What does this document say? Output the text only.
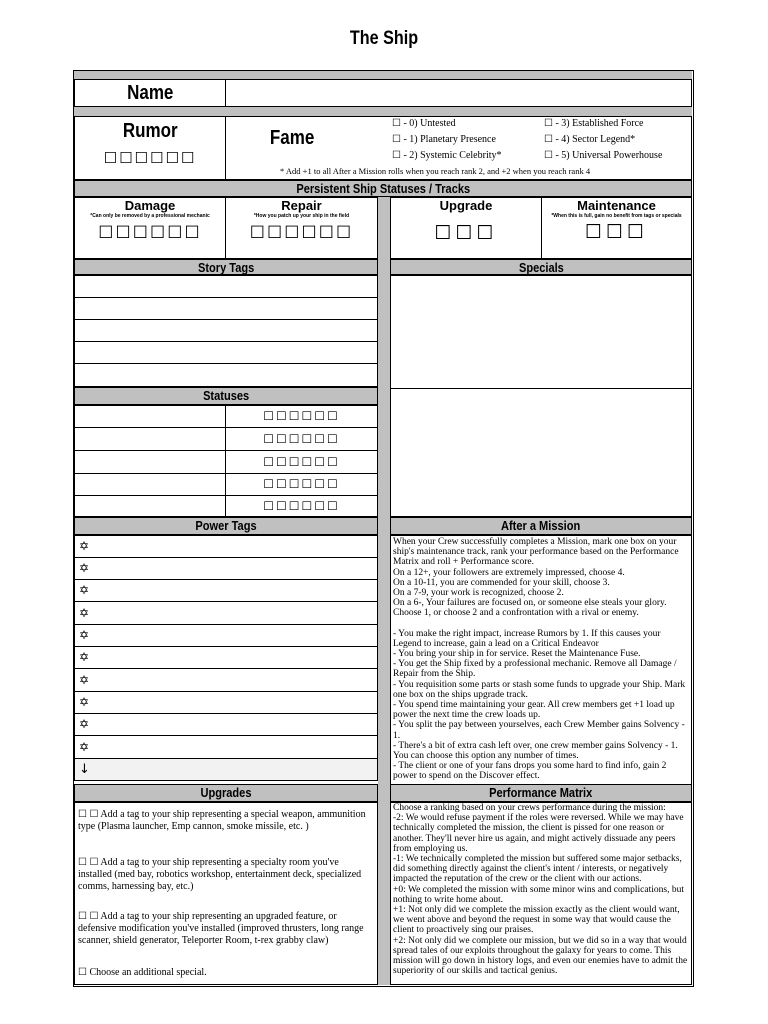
The Ship
Name
Rumor
☐☐☐☐☐☐
Fame
☐ - 0) Untested
☐ - 1) Planetary Presence
☐ - 2) Systemic Celebrity*
☐ - 3) Established Force
☐ - 4) Sector Legend*
☐ - 5) Universal Powerhouse
* Add +1 to all After a Mission rolls when you reach rank 2, and +2 when you reach rank 4
Persistent Ship Statuses / Tracks
Damage
*Can only be removed by a professional mechanic
☐☐☐☐☐☐
Repair
*How you patch up your ship in the field
☐☐☐☐☐☐
Upgrade
☐☐☐
Maintenance
*When this is full, gain no benefit from tags or specials
☐☐☐
Story Tags	Specials
Statuses
☐☐☐☐☐☐
☐☐☐☐☐☐
☐☐☐☐☐☐
☐☐☐☐☐☐
☐☐☐☐☐☐
Power Tags	After a Mission
✡
✡
✡
✡
✡
✡
✡
✡
✡
✡
↓
When your Crew successfully completes a Mission, mark one box on your ship's maintenance track, rank your performance based on the Performance Matrix and roll + Performance score.
On a 12+, your followers are extremely impressed, choose 4.
On a 10-11, you are commended for your skill, choose 3.
On a 7-9, your work is recognized, choose 2.
On a 6-, Your failures are focused on, or someone else steals your glory. Choose 1, or choose 2 and a confrontation with a rival or enemy.
- You make the right impact, increase Rumors by 1. If this causes your Legend to increase, gain a lead on a Critical Endeavor
- You bring your ship in for service. Reset the Maintenance Fuse.
- You get the Ship fixed by a professional mechanic. Remove all Damage / Repair from the Ship.
- You requisition some parts or stash some funds to upgrade your Ship. Mark one box on the ships upgrade track.
- You spend time maintaining your gear. All crew members get +1 load up power the next time the crew loads up.
- You split the pay between yourselves, each Crew Member gains Solvency - 1.
- There's a bit of extra cash left over, one crew member gains Solvency - 1. You can choose this option any number of times.
- The client or one of your fans drops you some hard to find info, gain 2 power to spend on the Discover effect.
Upgrades	Performance Matrix
☐ ☐ Add a tag to your ship representing a special weapon, ammunition type (Plasma launcher, Emp cannon, smoke missile, etc. )
☐ ☐ Add a tag to your ship representing a specialty room you've installed (med bay, robotics workshop, entertainment deck, specialized comms, harnessing bay, etc.)
☐ ☐ Add a tag to your ship representing an upgraded feature, or defensive modification you've installed (improved thrusters, long range scanner, shield generator, Teleporter Room, t-rex grabby claw)
☐ Choose an additional special.
Choose a ranking based on your crews performance during the mission:
-2: We would refuse payment if the roles were reversed. While we may have technically completed the mission, the client is pissed for one reason or another. They'll never hire us again, and might actively dissuade any peers from employing us.
-1: We technically completed the mission but suffered some major setbacks, did something directly against the client's intent / interests, or negatively impacted the reputation of the crew or the client with our actions.
+0: We completed the mission with some minor wins and complications, but nothing to write home about.
+1: Not only did we complete the mission exactly as the client would want, we went above and beyond the request in some way that would cause the client to proactively sing our praises.
+2: Not only did we complete our mission, but we did so in a way that would spread tales of our exploits throughout the galaxy for years to come. This mission will go down in history logs, and even our enemies have to admit the superiority of our skills and tactical genius.
